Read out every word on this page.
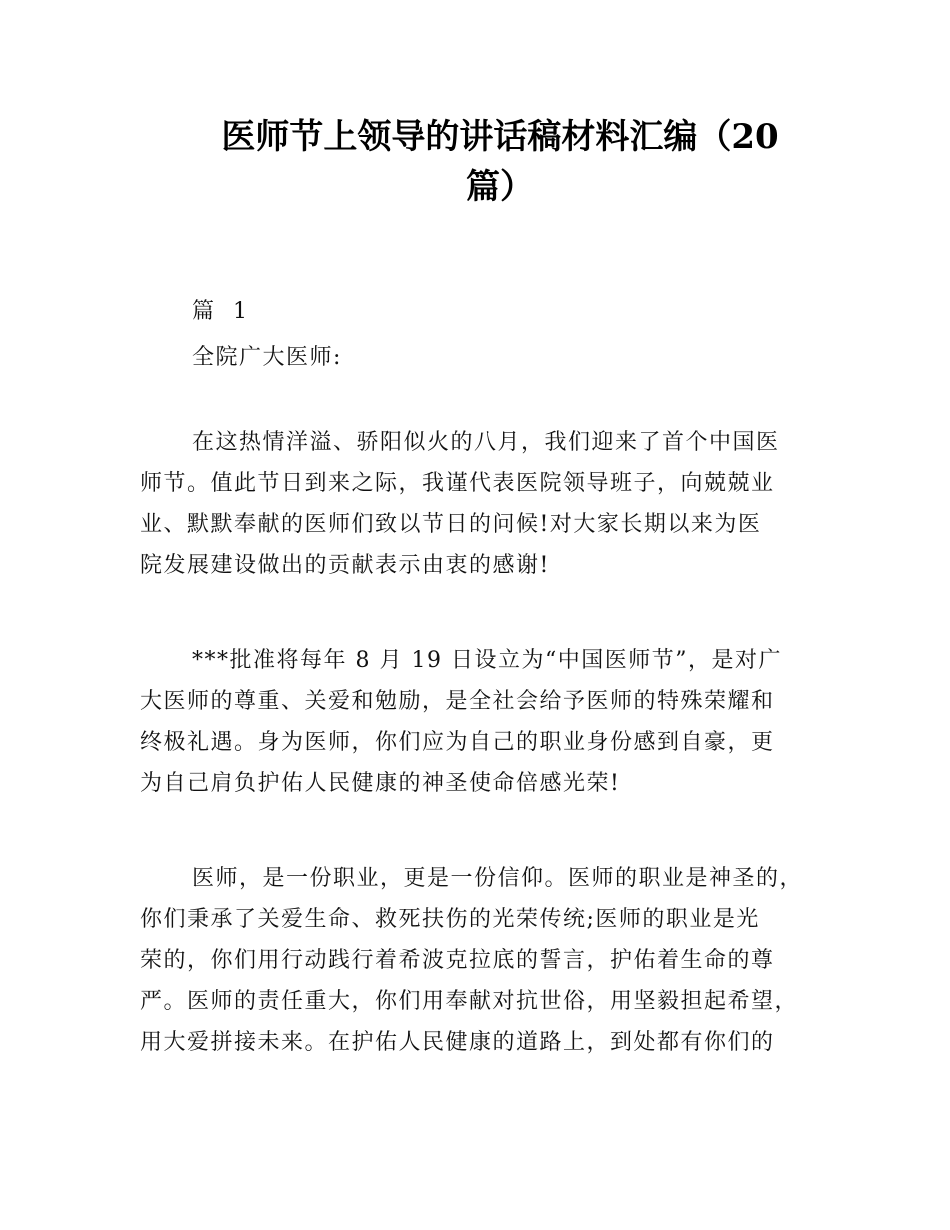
医师节上领导的讲话稿材料汇编（20
篇）

篇 1

全院广大医师:

在这热情洋溢、骄阳似火的八月，我们迎来了首个中国医
师节。值此节日到来之际，我谨代表医院领导班子，向兢兢业
业、默默奉献的医师们致以节日的问候!对大家长期以来为医
院发展建设做出的贡献表示由衷的感谢!

***批准将每年 8 月 19 日设立为“中国医师节”，是对广
大医师的尊重、关爱和勉励，是全社会给予医师的特殊荣耀和
终极礼遇。身为医师，你们应为自己的职业身份感到自豪，更
为自己肩负护佑人民健康的神圣使命倍感光荣!

医师，是一份职业，更是一份信仰。医师的职业是神圣的，
你们秉承了关爱生命、救死扶伤的光荣传统;医师的职业是光
荣的，你们用行动践行着希波克拉底的誓言，护佑着生命的尊
严。医师的责任重大，你们用奉献对抗世俗，用坚毅担起希望，
用大爱拼接未来。在护佑人民健康的道路上，到处都有你们的
